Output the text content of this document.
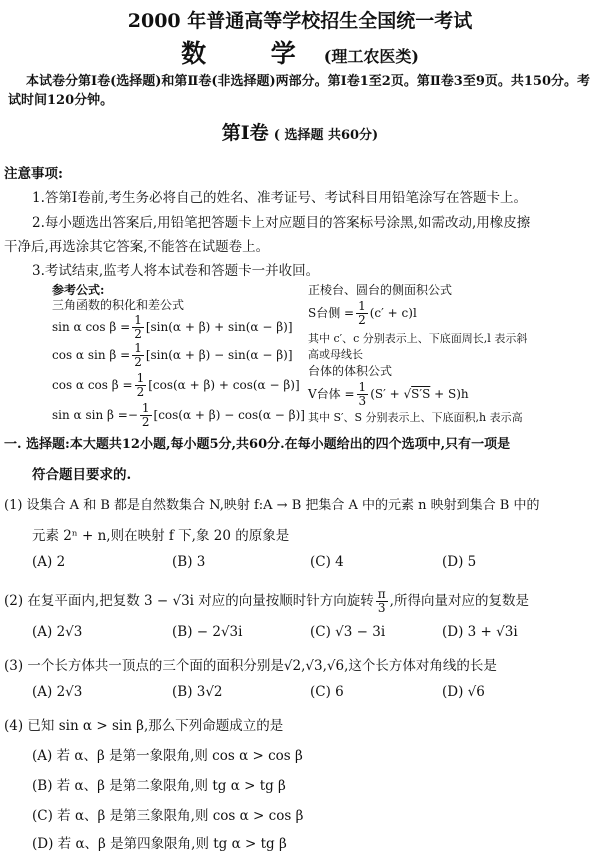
2000 年普通高等学校招生全国统一考试
数 学(理工农医类)
本试卷分第Ⅰ卷(选择题)和第Ⅱ卷(非选择题)两部分。第Ⅰ卷1至2页。第Ⅱ卷3至9页。共150分。考试时间120分钟。
第Ⅰ卷 ( 选择题 共60分)
注意事项:
1.答第Ⅰ卷前,考生务必将自己的姓名、准考证号、考试科目用铅笔涂写在答题卡上。
2.每小题选出答案后,用铅笔把答题卡上对应题目的答案标号涂黑,如需改动,用橡皮擦
干净后,再选涂其它答案,不能答在试题卷上。
3.考试结束,监考人将本试卷和答题卡一并收回。
参考公式:
三角函数的积化和差公式
sin α $\cos \beta = \frac{1}{2} [\sin(\alpha + \beta) + \sin(\alpha - \beta)]$
cos α $\sin \beta = \frac{1}{2} [\sin(\alpha + \beta) - \sin(\alpha - \beta)]$
cos α $\cos \beta = \frac{1}{2} [\cos(\alpha + \beta) + \cos(\alpha - \beta)]$
sin α $\sin \beta =- \frac{1}{2} [\cos(\alpha + \beta) - \cos(\alpha - \beta)]$
正棱台、圆台的侧面积公式
S台侧 = $\frac{1}{2} (c' + c)l$
其中 c′、c 分别表示上、下底面周长,l 表示斜
高或母线长
台体的体积公式
V台体 = $\frac{1}{3} (S' + √S'S + S)h$
其中 S′、S 分别表示上、下底面积,h 表示高
一. 选择题:本大题共12小题,每小题5分,共60分.在每小题给出的四个选项中,只有一项是
符合题目要求的.
(1) 设集合 A 和 B 都是自然数集合 N,映射 f:A → B 把集合 A 中的元素 n 映射到集合 B 中的
元素 2ⁿ + n,则在映射 f 下,象 20 的原象是
(A) 2	(B) 3	(C) 4	(D) 5
(2) 在复平面内,把复数 3 − √3i 对应的向量按顺时针方向旋转 $\frac{\pi}{3}$ ,所得向量对应的复数是
(A) 2√3	(B) − 2√3i	(C) √3 − 3i	(D) 3 + √3i
(3) 一个长方体共一顶点的三个面的面积分别是√2,√3,√6,这个长方体对角线的长是
(A) 2√3	(B) 3√2	(C) 6	(D) √6
(4) 已知 sin α > sin β,那么下列命题成立的是
(A) 若 α、β 是第一象限角,则 cos α > cos β
(B) 若 α、β 是第二象限角,则 tg α > tg β
(C) 若 α、β 是第三象限角,则 cos α > cos β
(D) 若 α、β 是第四象限角,则 tg α > tg β
